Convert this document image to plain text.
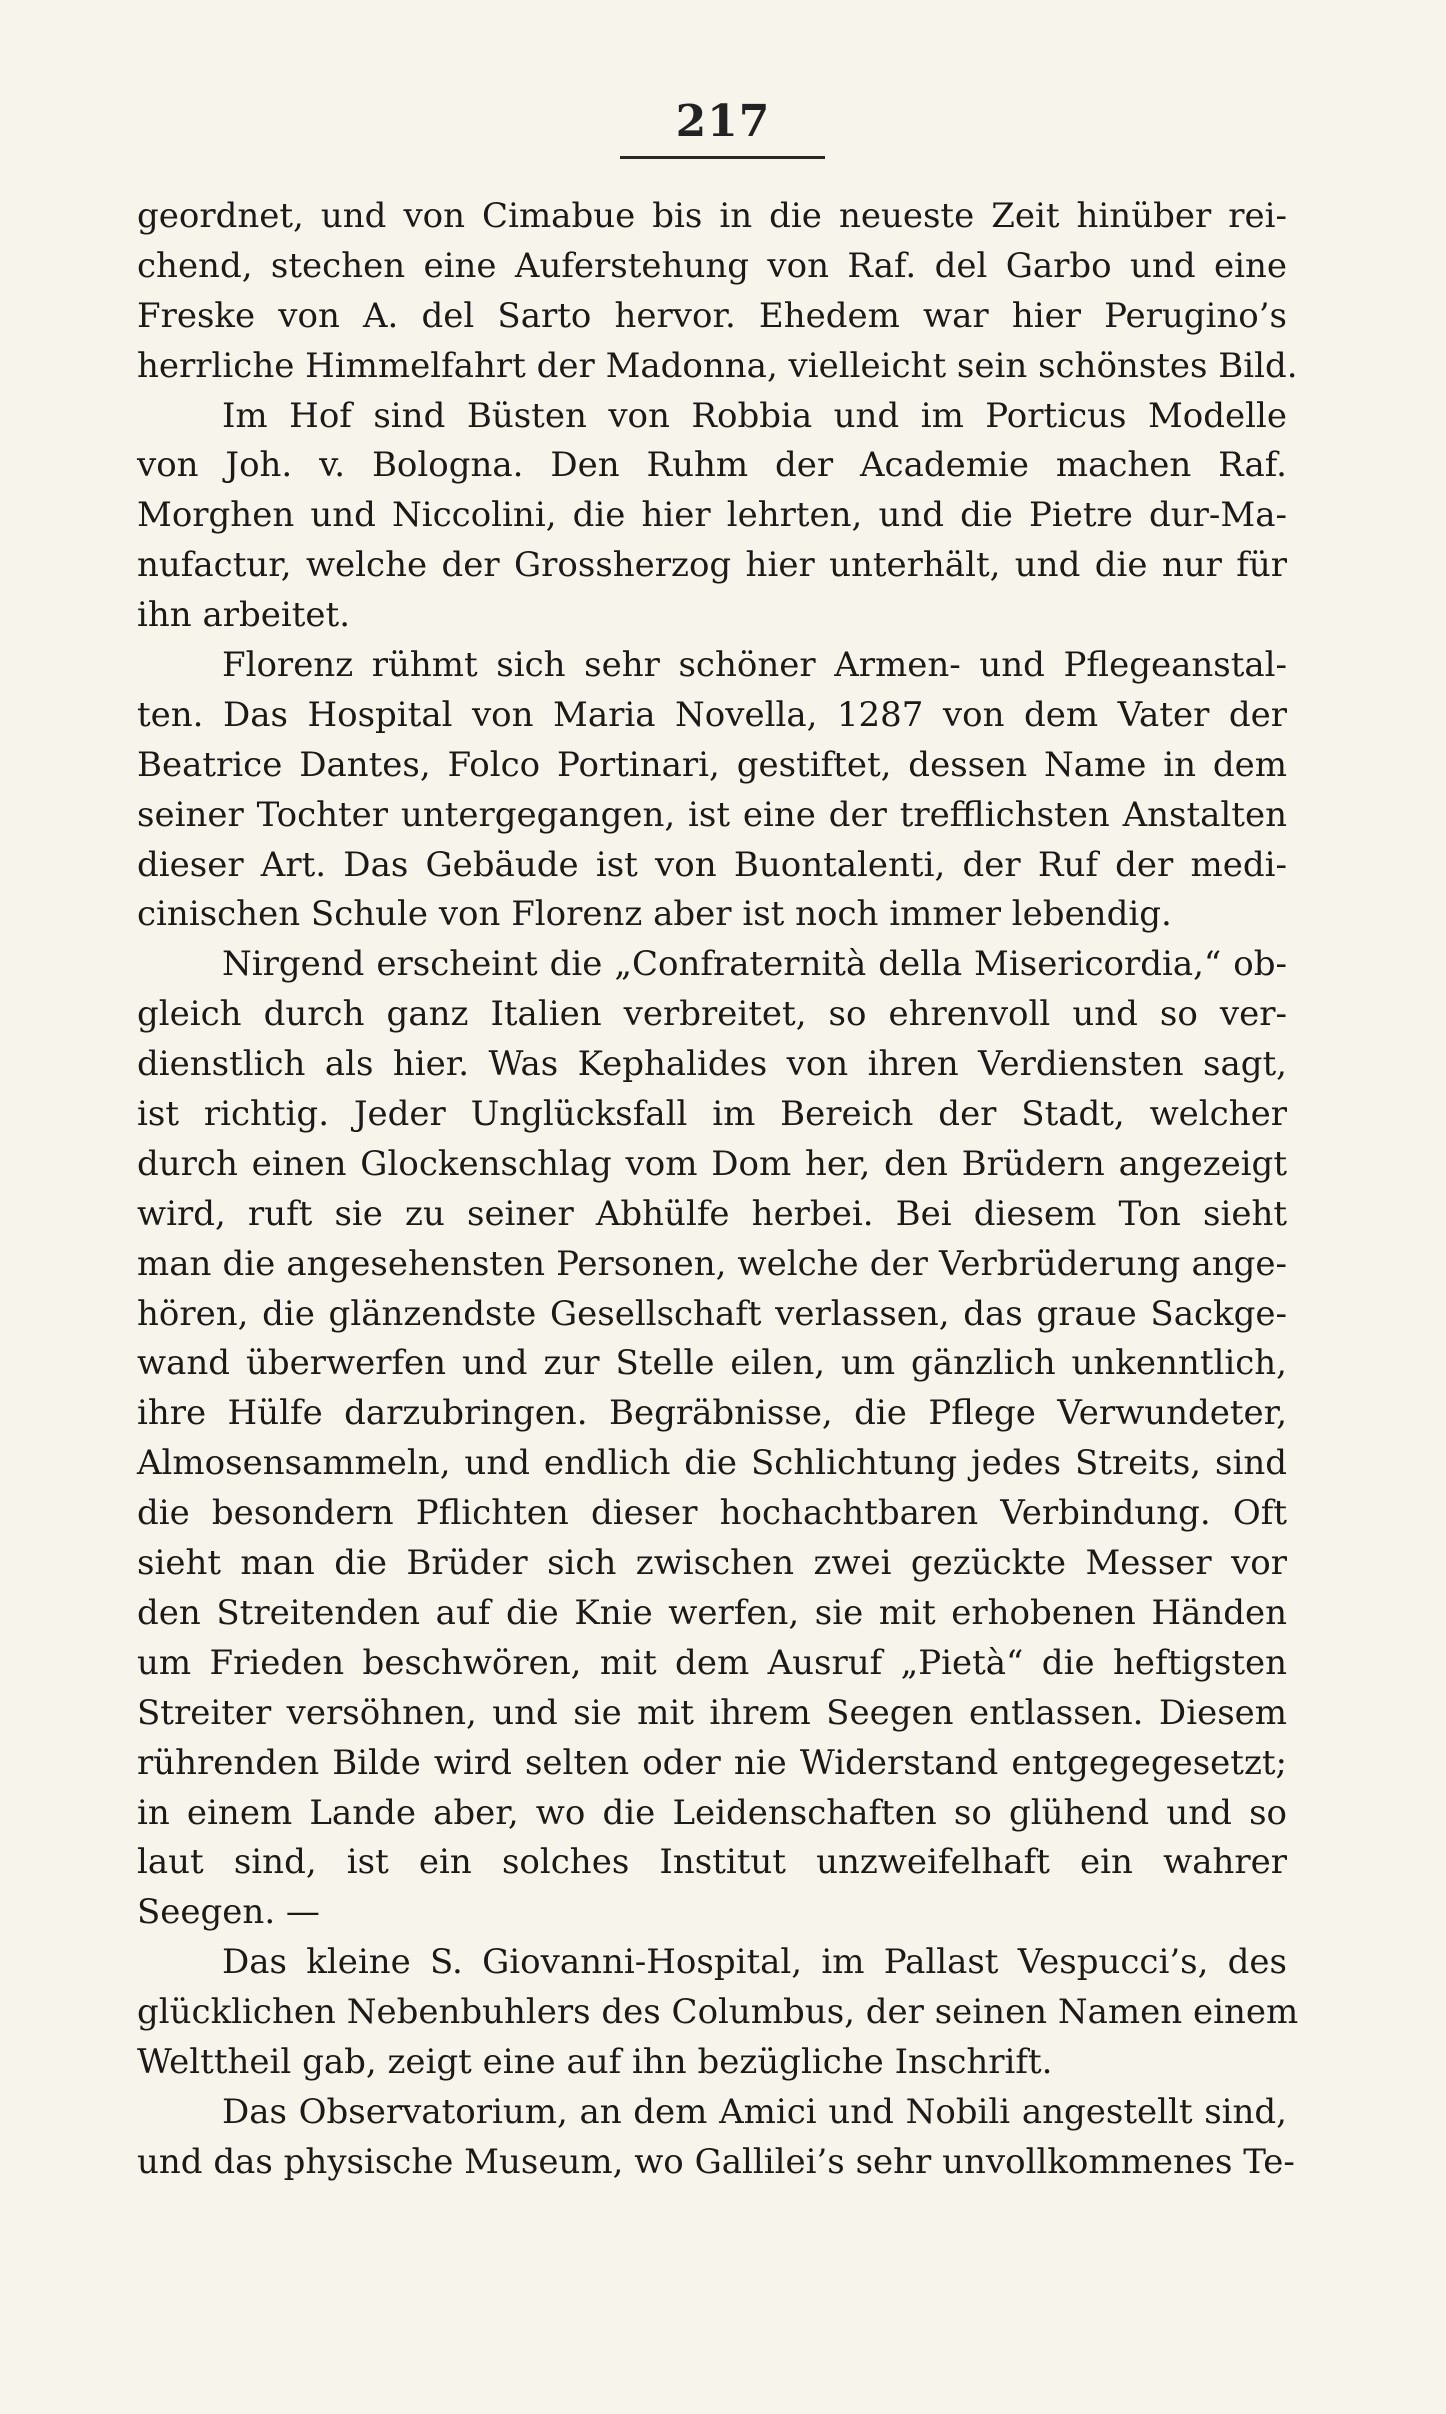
217
geordnet, und von Cimabue bis in die neueste Zeit hinüber rei-
chend, stechen eine Auferstehung von Raf. del Garbo und eine
Freske von A. del Sarto hervor. Ehedem war hier Perugino’s
herrliche Himmelfahrt der Madonna, vielleicht sein schönstes Bild.
Im Hof sind Büsten von Robbia und im Porticus Modelle
von Joh. v. Bologna. Den Ruhm der Academie machen Raf.
Morghen und Niccolini, die hier lehrten, und die Pietre dur-Ma-
nufactur, welche der Grossherzog hier unterhält, und die nur für
ihn arbeitet.
Florenz rühmt sich sehr schöner Armen- und Pflegeanstal-
ten. Das Hospital von Maria Novella, 1287 von dem Vater der
Beatrice Dantes, Folco Portinari, gestiftet, dessen Name in dem
seiner Tochter untergegangen, ist eine der trefflichsten Anstalten
dieser Art. Das Gebäude ist von Buontalenti, der Ruf der medi-
cinischen Schule von Florenz aber ist noch immer lebendig.
Nirgend erscheint die „Confraternità della Misericordia,“ ob-
gleich durch ganz Italien verbreitet, so ehrenvoll und so ver-
dienstlich als hier. Was Kephalides von ihren Verdiensten sagt,
ist richtig. Jeder Unglücksfall im Bereich der Stadt, welcher
durch einen Glockenschlag vom Dom her, den Brüdern angezeigt
wird, ruft sie zu seiner Abhülfe herbei. Bei diesem Ton sieht
man die angesehensten Personen, welche der Verbrüderung ange-
hören, die glänzendste Gesellschaft verlassen, das graue Sackge-
wand überwerfen und zur Stelle eilen, um gänzlich unkenntlich,
ihre Hülfe darzubringen. Begräbnisse, die Pflege Verwundeter,
Almosensammeln, und endlich die Schlichtung jedes Streits, sind
die besondern Pflichten dieser hochachtbaren Verbindung. Oft
sieht man die Brüder sich zwischen zwei gezückte Messer vor
den Streitenden auf die Knie werfen, sie mit erhobenen Händen
um Frieden beschwören, mit dem Ausruf „Pietà“ die heftigsten
Streiter versöhnen, und sie mit ihrem Seegen entlassen. Diesem
rührenden Bilde wird selten oder nie Widerstand entgegegesetzt;
in einem Lande aber, wo die Leidenschaften so glühend und so
laut sind, ist ein solches Institut unzweifelhaft ein wahrer
Seegen. —
Das kleine S. Giovanni-Hospital, im Pallast Vespucci’s, des
glücklichen Nebenbuhlers des Columbus, der seinen Namen einem
Welttheil gab, zeigt eine auf ihn bezügliche Inschrift.
Das Observatorium, an dem Amici und Nobili angestellt sind,
und das physische Museum, wo Gallilei’s sehr unvollkommenes Te-
